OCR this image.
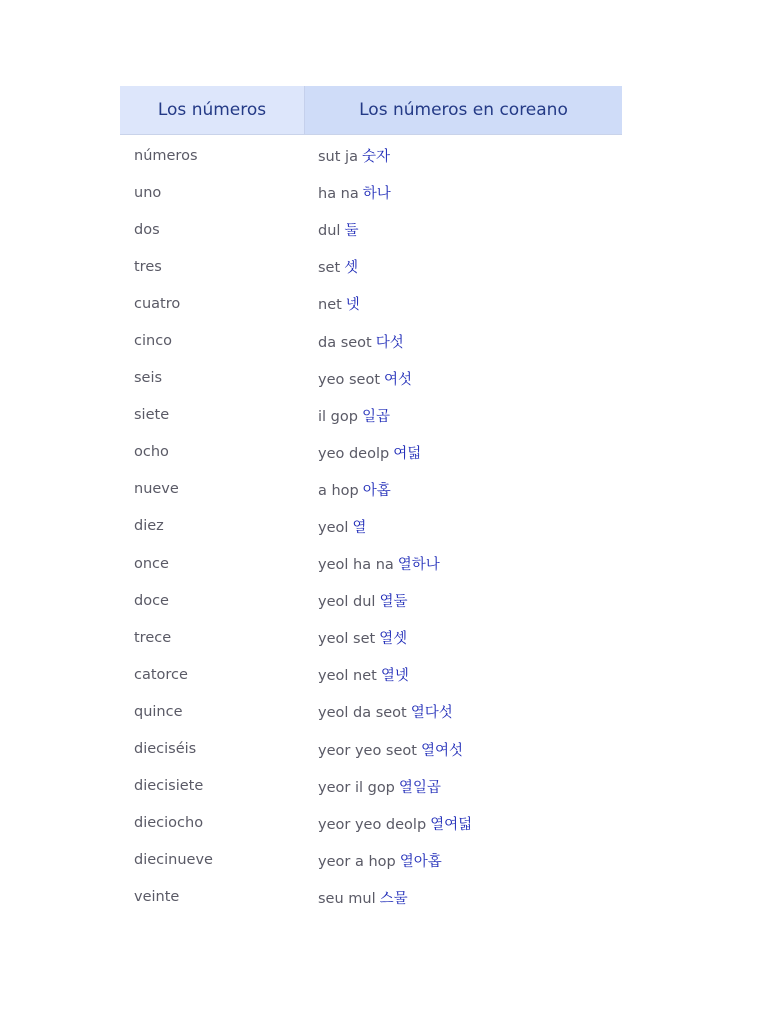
Los números	Los números en coreano
números	sut ja 숫자
uno	ha na 하나
dos	dul 둘
tres	set 셋
cuatro	net 넷
cinco	da seot 다섯
seis	yeo seot 여섯
siete	il gop 일곱
ocho	yeo deolp 여덟
nueve	a hop 아홉
diez	yeol 열
once	yeol ha na 열하나
doce	yeol dul 열둘
trece	yeol set 열셋
catorce	yeol net 열넷
quince	yeol da seot 열다섯
dieciséis	yeor yeo seot 열여섯
diecisiete	yeor il gop 열일곱
dieciocho	yeor yeo deolp 열여덟
diecinueve	yeor a hop 열아홉
veinte	seu mul 스물
